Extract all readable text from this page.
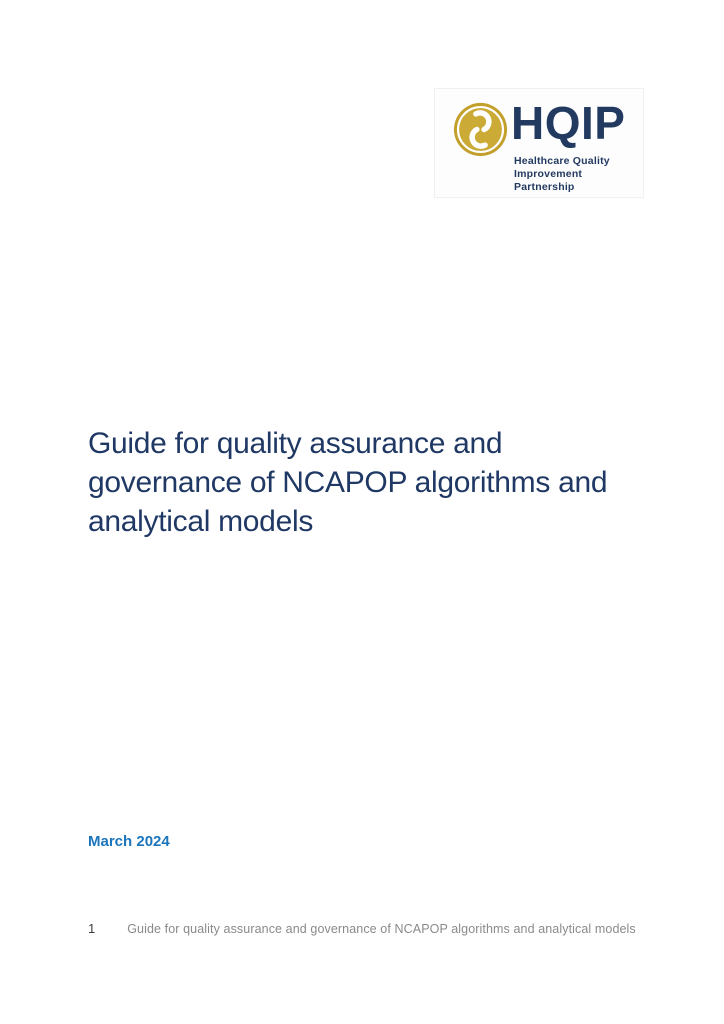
HQIP
Healthcare Quality
Improvement Partnership
Guide for quality assurance and
governance of NCAPOP algorithms and
analytical models
March 2024
1	Guide for quality assurance and governance of NCAPOP algorithms and analytical models
